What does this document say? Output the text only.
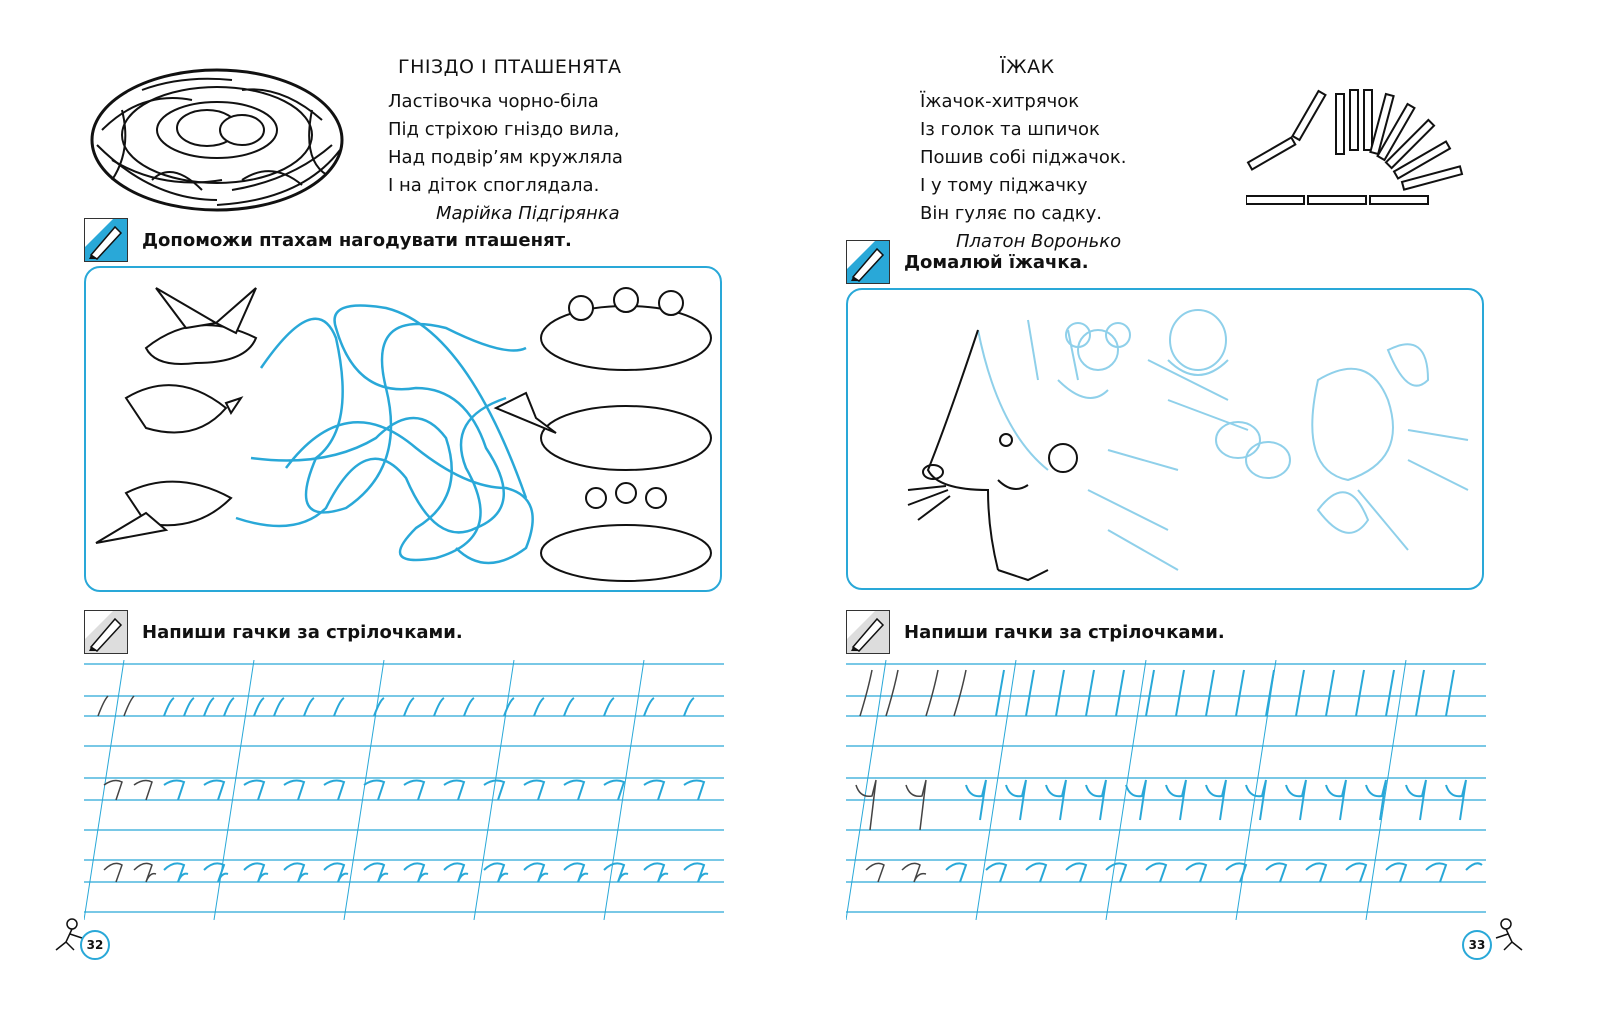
ГНІЗДО І ПТАШЕНЯТА
Ластівочка чорно-біла
Під стріхою гніздо вила,
Над подвір’ям кружляла
І на діток споглядала.
Марійка Підгірянка
Допоможи птахам нагодувати пташенят.
Напиши гачки за стрілочками.
32
ЇЖАК
Їжачок-хитрячок
Із голок та шпичок
Пошив собі піджачок.
І у тому піджачку
Він гуляє по садку.
Платон Воронько
Домалюй їжачка.
Напиши гачки за стрілочками.
33
